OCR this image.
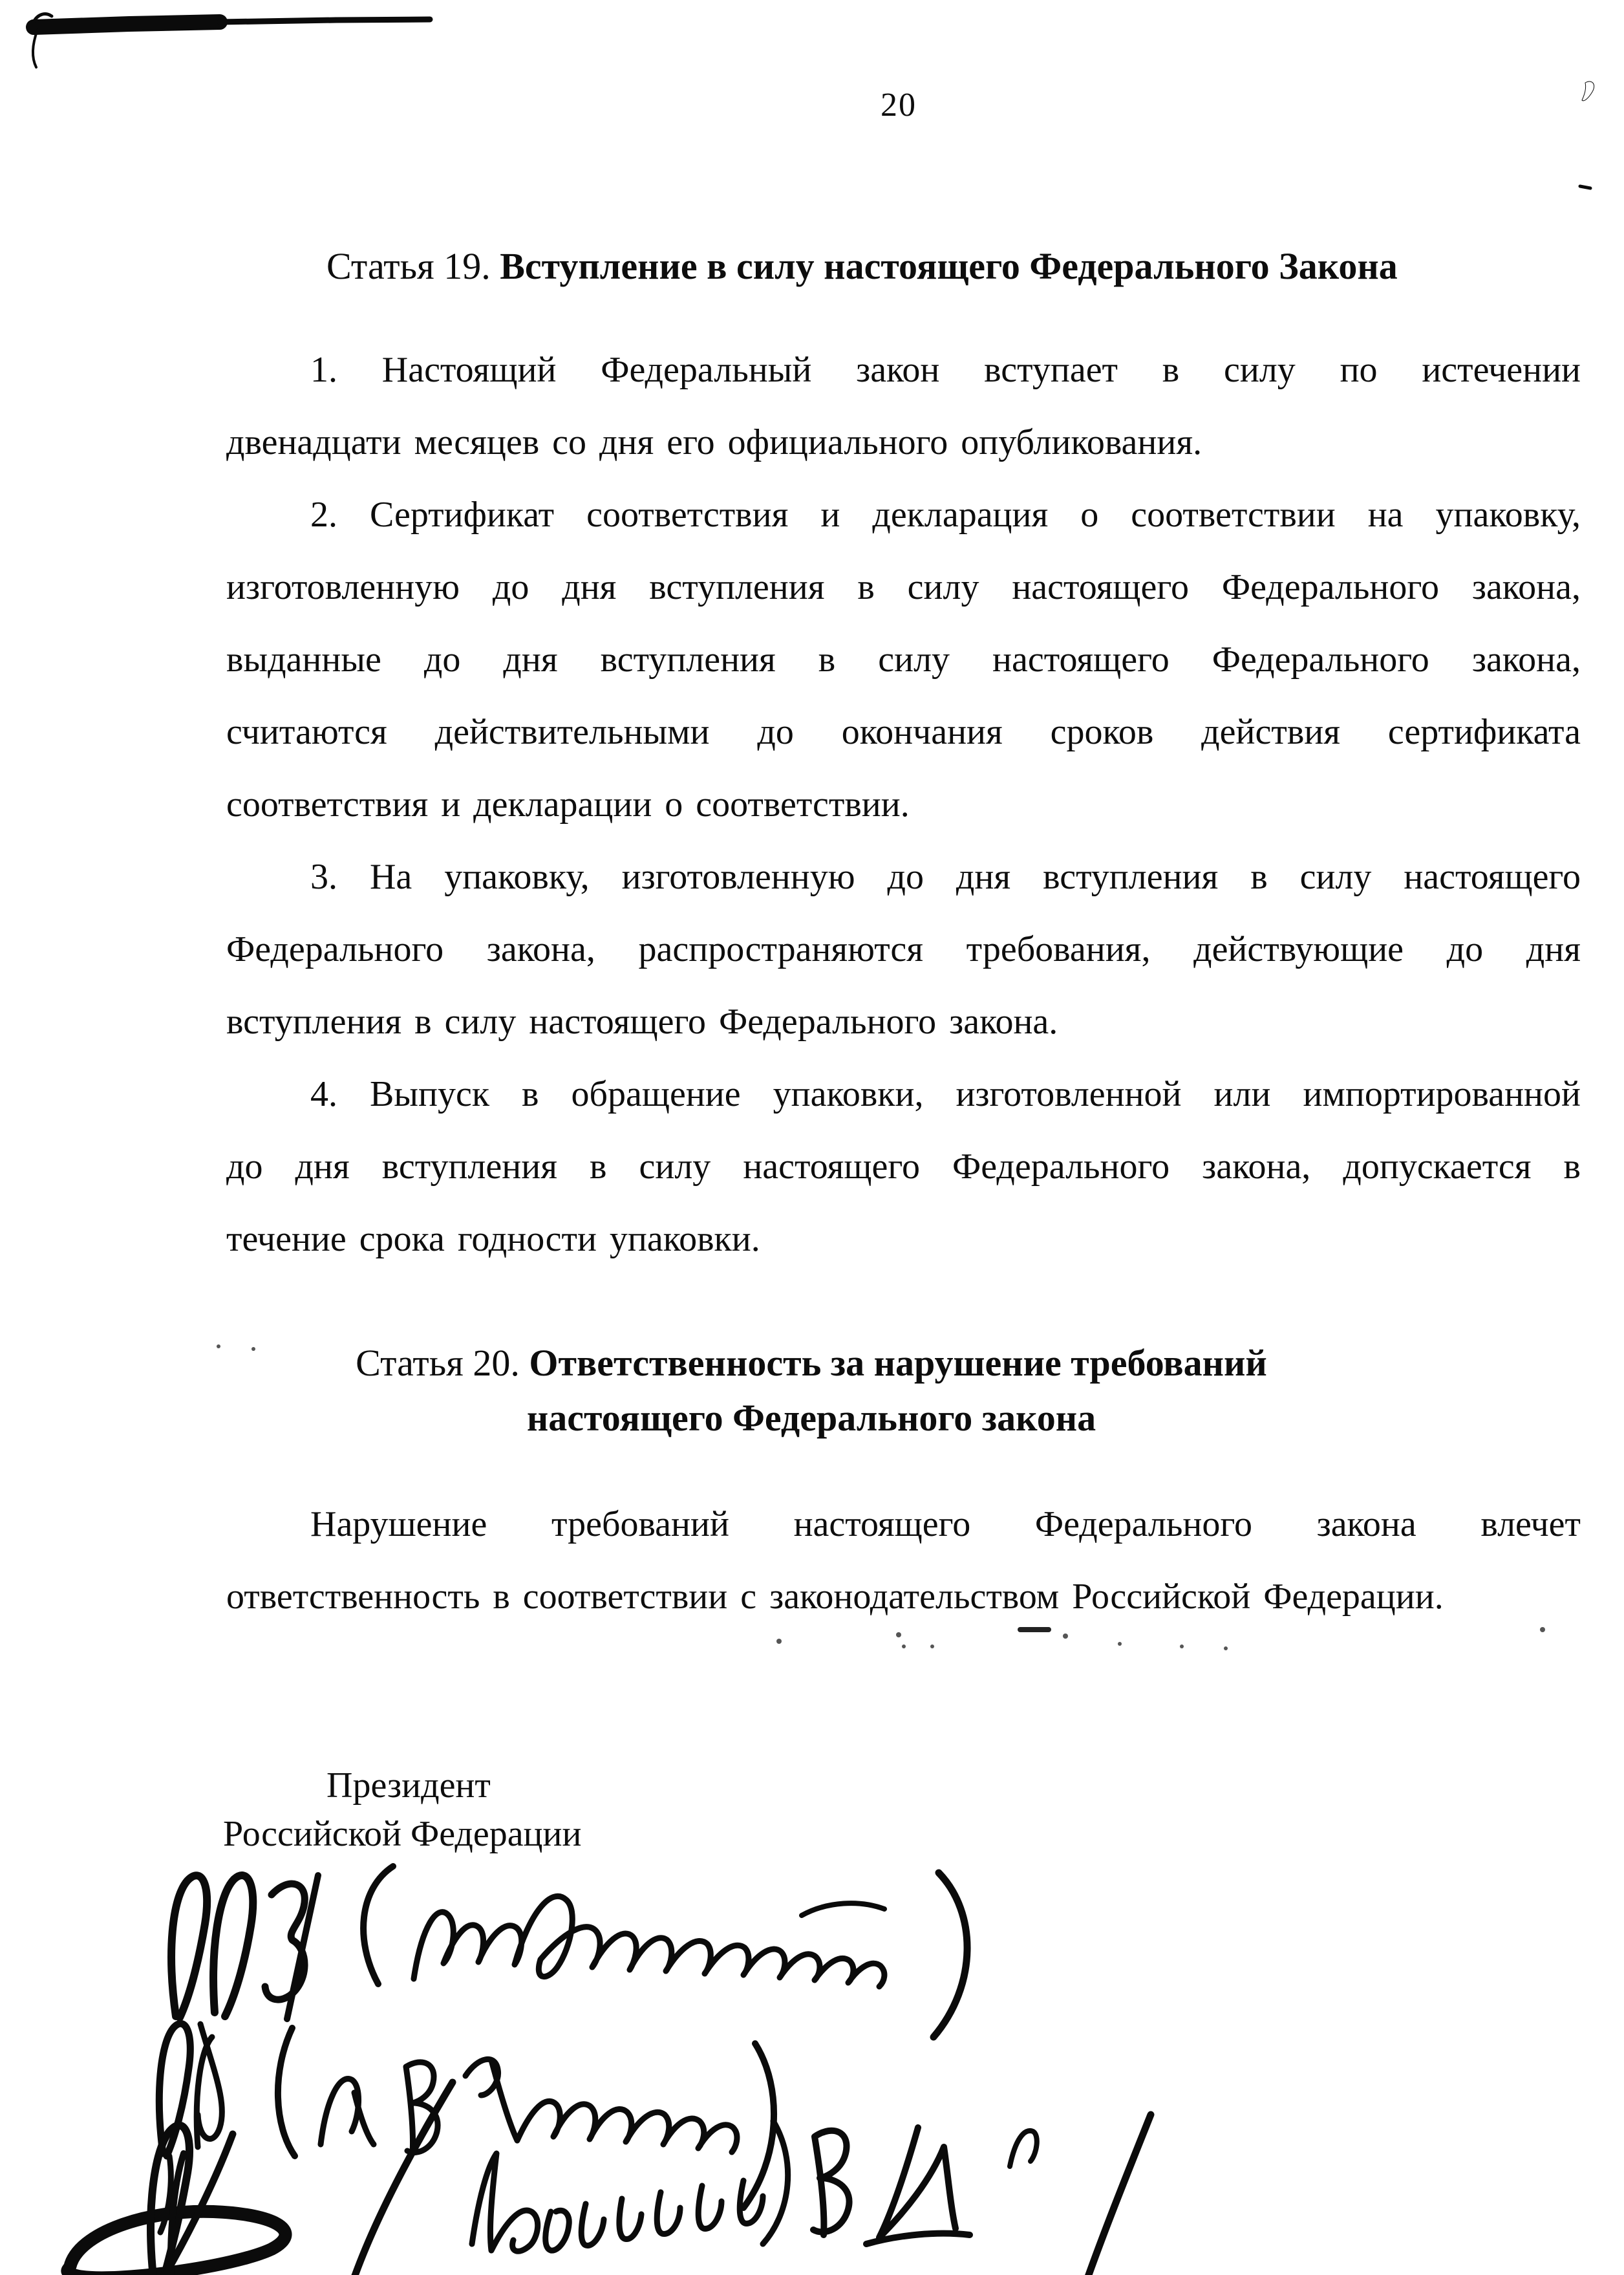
20
Статья 19. Вступление в силу настоящего Федерального Закона
1. Настоящий Федеральный закон вступает в силу по истечении
двенадцати месяцев со дня его официального опубликования.
2. Сертификат соответствия и декларация о соответствии на упаковку,
изготовленную до дня вступления в силу настоящего Федерального закона,
выданные до дня вступления в силу настоящего Федерального закона,
считаются действительными до окончания сроков действия сертификата
соответствия и декларации о соответствии.
3. На упаковку, изготовленную до дня вступления в силу настоящего
Федерального закона, распространяются требования, действующие до дня
вступления в силу настоящего Федерального закона.
4. Выпуск в обращение упаковки, изготовленной или импортированной
до дня вступления в силу настоящего Федерального закона, допускается в
течение срока годности упаковки.
Статья 20. Ответственность за нарушение требований
настоящего Федерального закона
Нарушение требований настоящего Федерального закона влечет
ответственность в соответствии с законодательством Российской Федерации.
Президент
Российской Федерации
